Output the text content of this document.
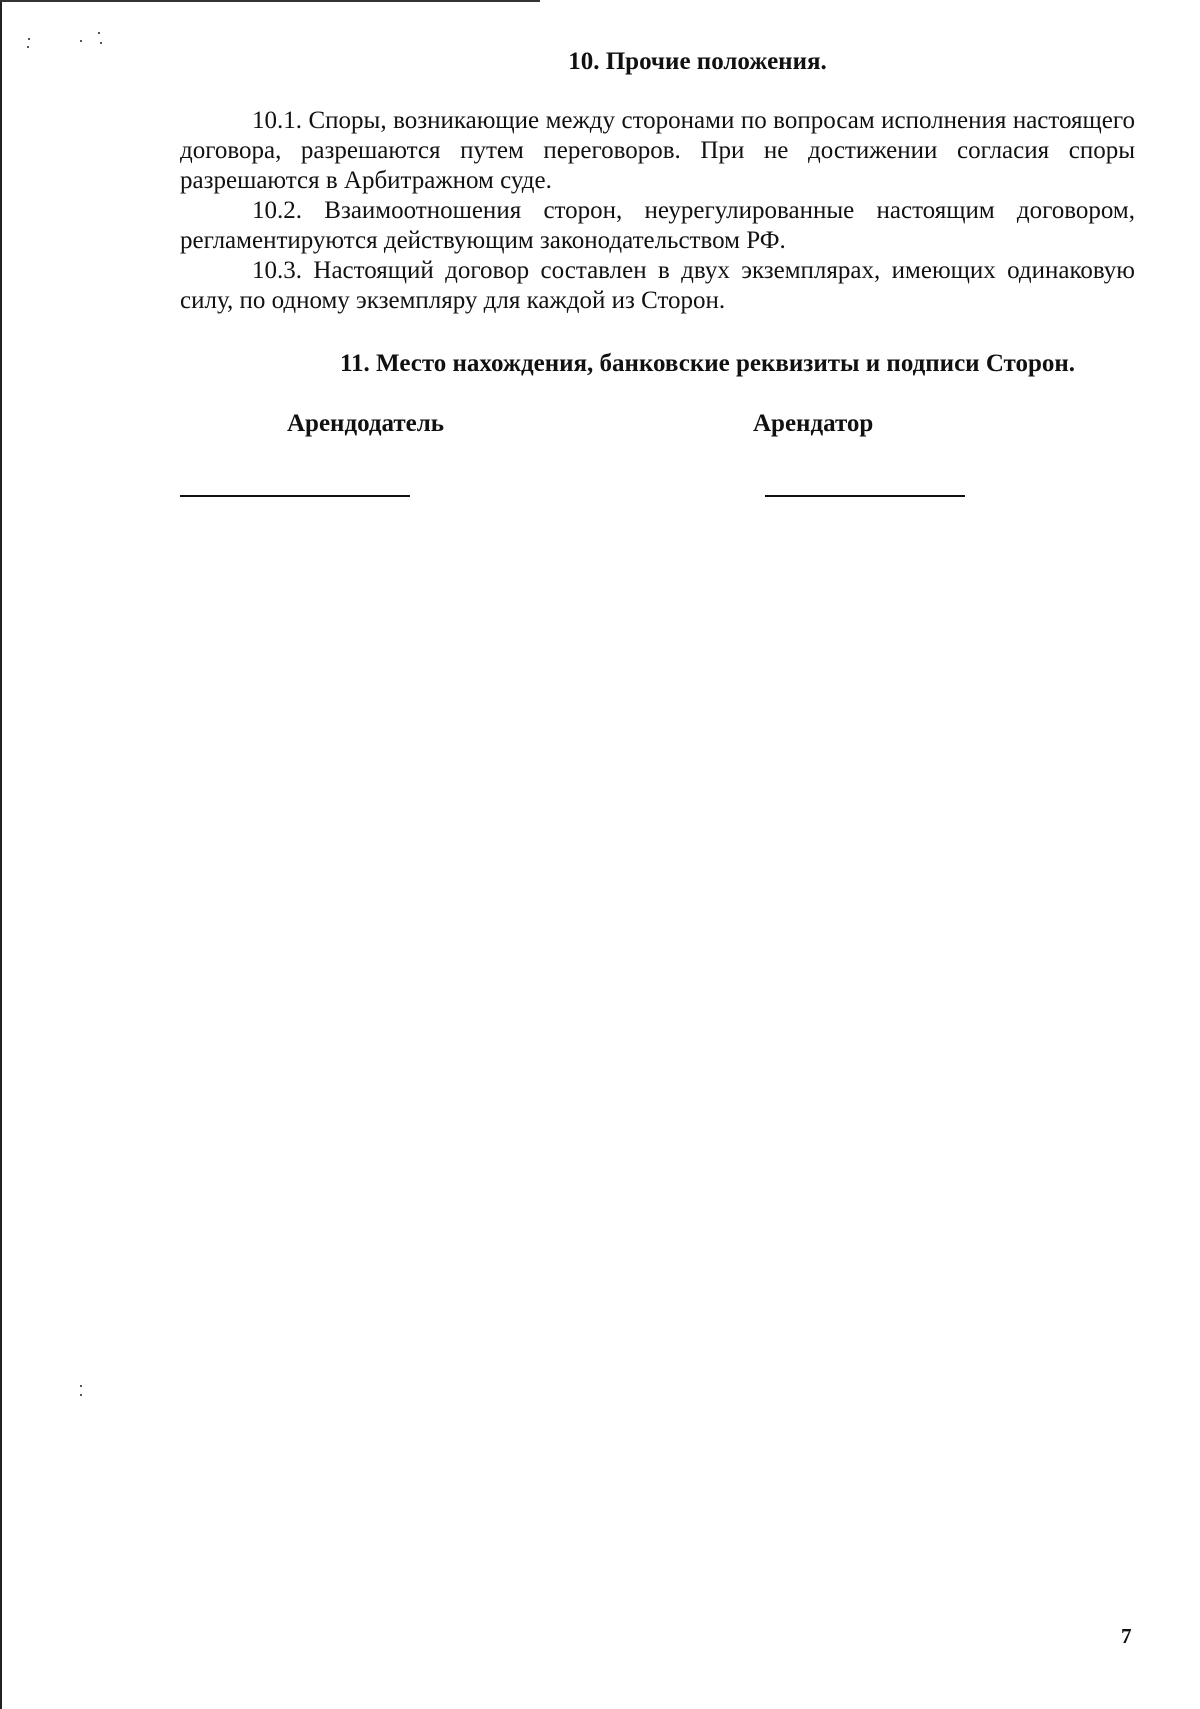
10. Прочие положения.

10.1. Споры, возникающие между сторонами по вопросам исполнения настоящего договора, разрешаются путем переговоров. При не достижении согласия споры разрешаются в Арбитражном суде.

10.2. Взаимоотношения сторон, неурегулированные настоящим договором, регламентируются действующим законодательством РФ.

10.3. Настоящий договор составлен в двух экземплярах, имеющих одинаковую силу, по одному экземпляру для каждой из Сторон.

11. Место нахождения, банковские реквизиты и подписи Сторон.
Арендодатель	Арендатор
7
